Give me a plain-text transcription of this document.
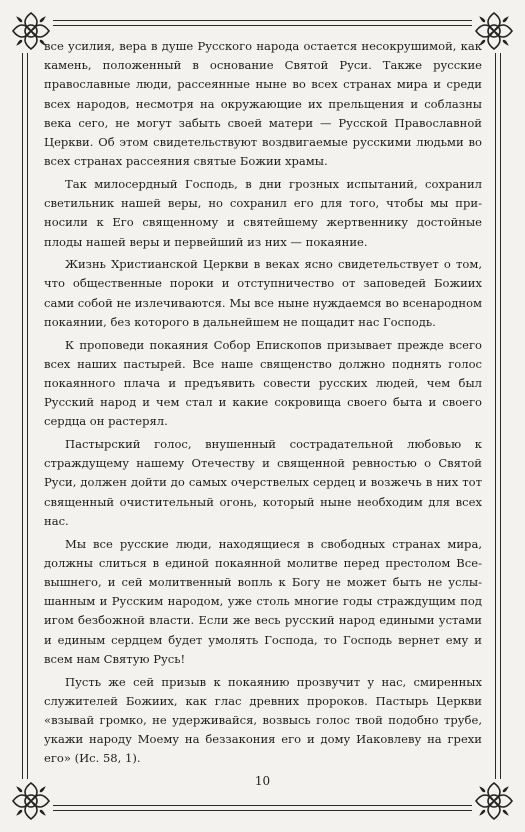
все усилия, вера в душе Русского народа остается несокрушимой, как камень, положенный в основание Святой Руси. Также русские православные люди, рассеянные ныне во всех странах мира и среди всех народов, несмотря на окружающие их прельщения и соблазны века сего, не могут забыть своей матери — Русской Православной Церкви. Об этом свидетельствуют воздвигаемые русскими людьми во всех странах рассеяния святые Божии храмы.

Так милосердный Господь, в дни грозных испытаний, сохранил светильник нашей веры, но сохранил его для того, чтобы мы приносили к Его священному и святейшему жертвеннику достойные плоды нашей веры и первейший из них — покаяние.

Жизнь Христианской Церкви в веках ясно свидетельствует о том, что общественные пороки и отступничество от заповедей Божиих сами собой не излечиваются. Мы все ныне нуждаемся во всенародном покаянии, без которого в дальнейшем не пощадит нас Господь.

К проповеди покаяния Собор Епископов призывает прежде всего всех наших пастырей. Все наше священство должно поднять голос покаянного плача и предъявить совести русских людей, чем был Русский народ и чем стал и какие сокровища своего быта и своего сердца он растерял.

Пастырский голос, внушенный сострадательной любовью к страждущему нашему Отечеству и священной ревностью о Святой Руси, должен дойти до самых очерствелых сердец и возжечь в них тот священный очистительный огонь, который ныне необходим для всех нас.

Мы все русские люди, находящиеся в свободных странах мира, должны слиться в единой покаянной молитве перед престолом Всевышнего, и сей молитвенный вопль к Богу не может быть не услышанным и Русским народом, уже столь многие годы страждущим под игом безбожной власти. Если же весь русский народ едиными устами и единым сердцем будет умолять Господа, то Господь вернет ему и всем нам Святую Русь!

Пусть же сей призыв к покаянию прозвучит у нас, смиренных служителей Божиих, как глас древних пророков. Пастырь Церкви «взывай громко, не удерживайся, возвысь голос твой подобно трубе, укажи народу Моему на беззакония его и дому Иаковлеву на грехи его» (Ис. 58, 1).

10
